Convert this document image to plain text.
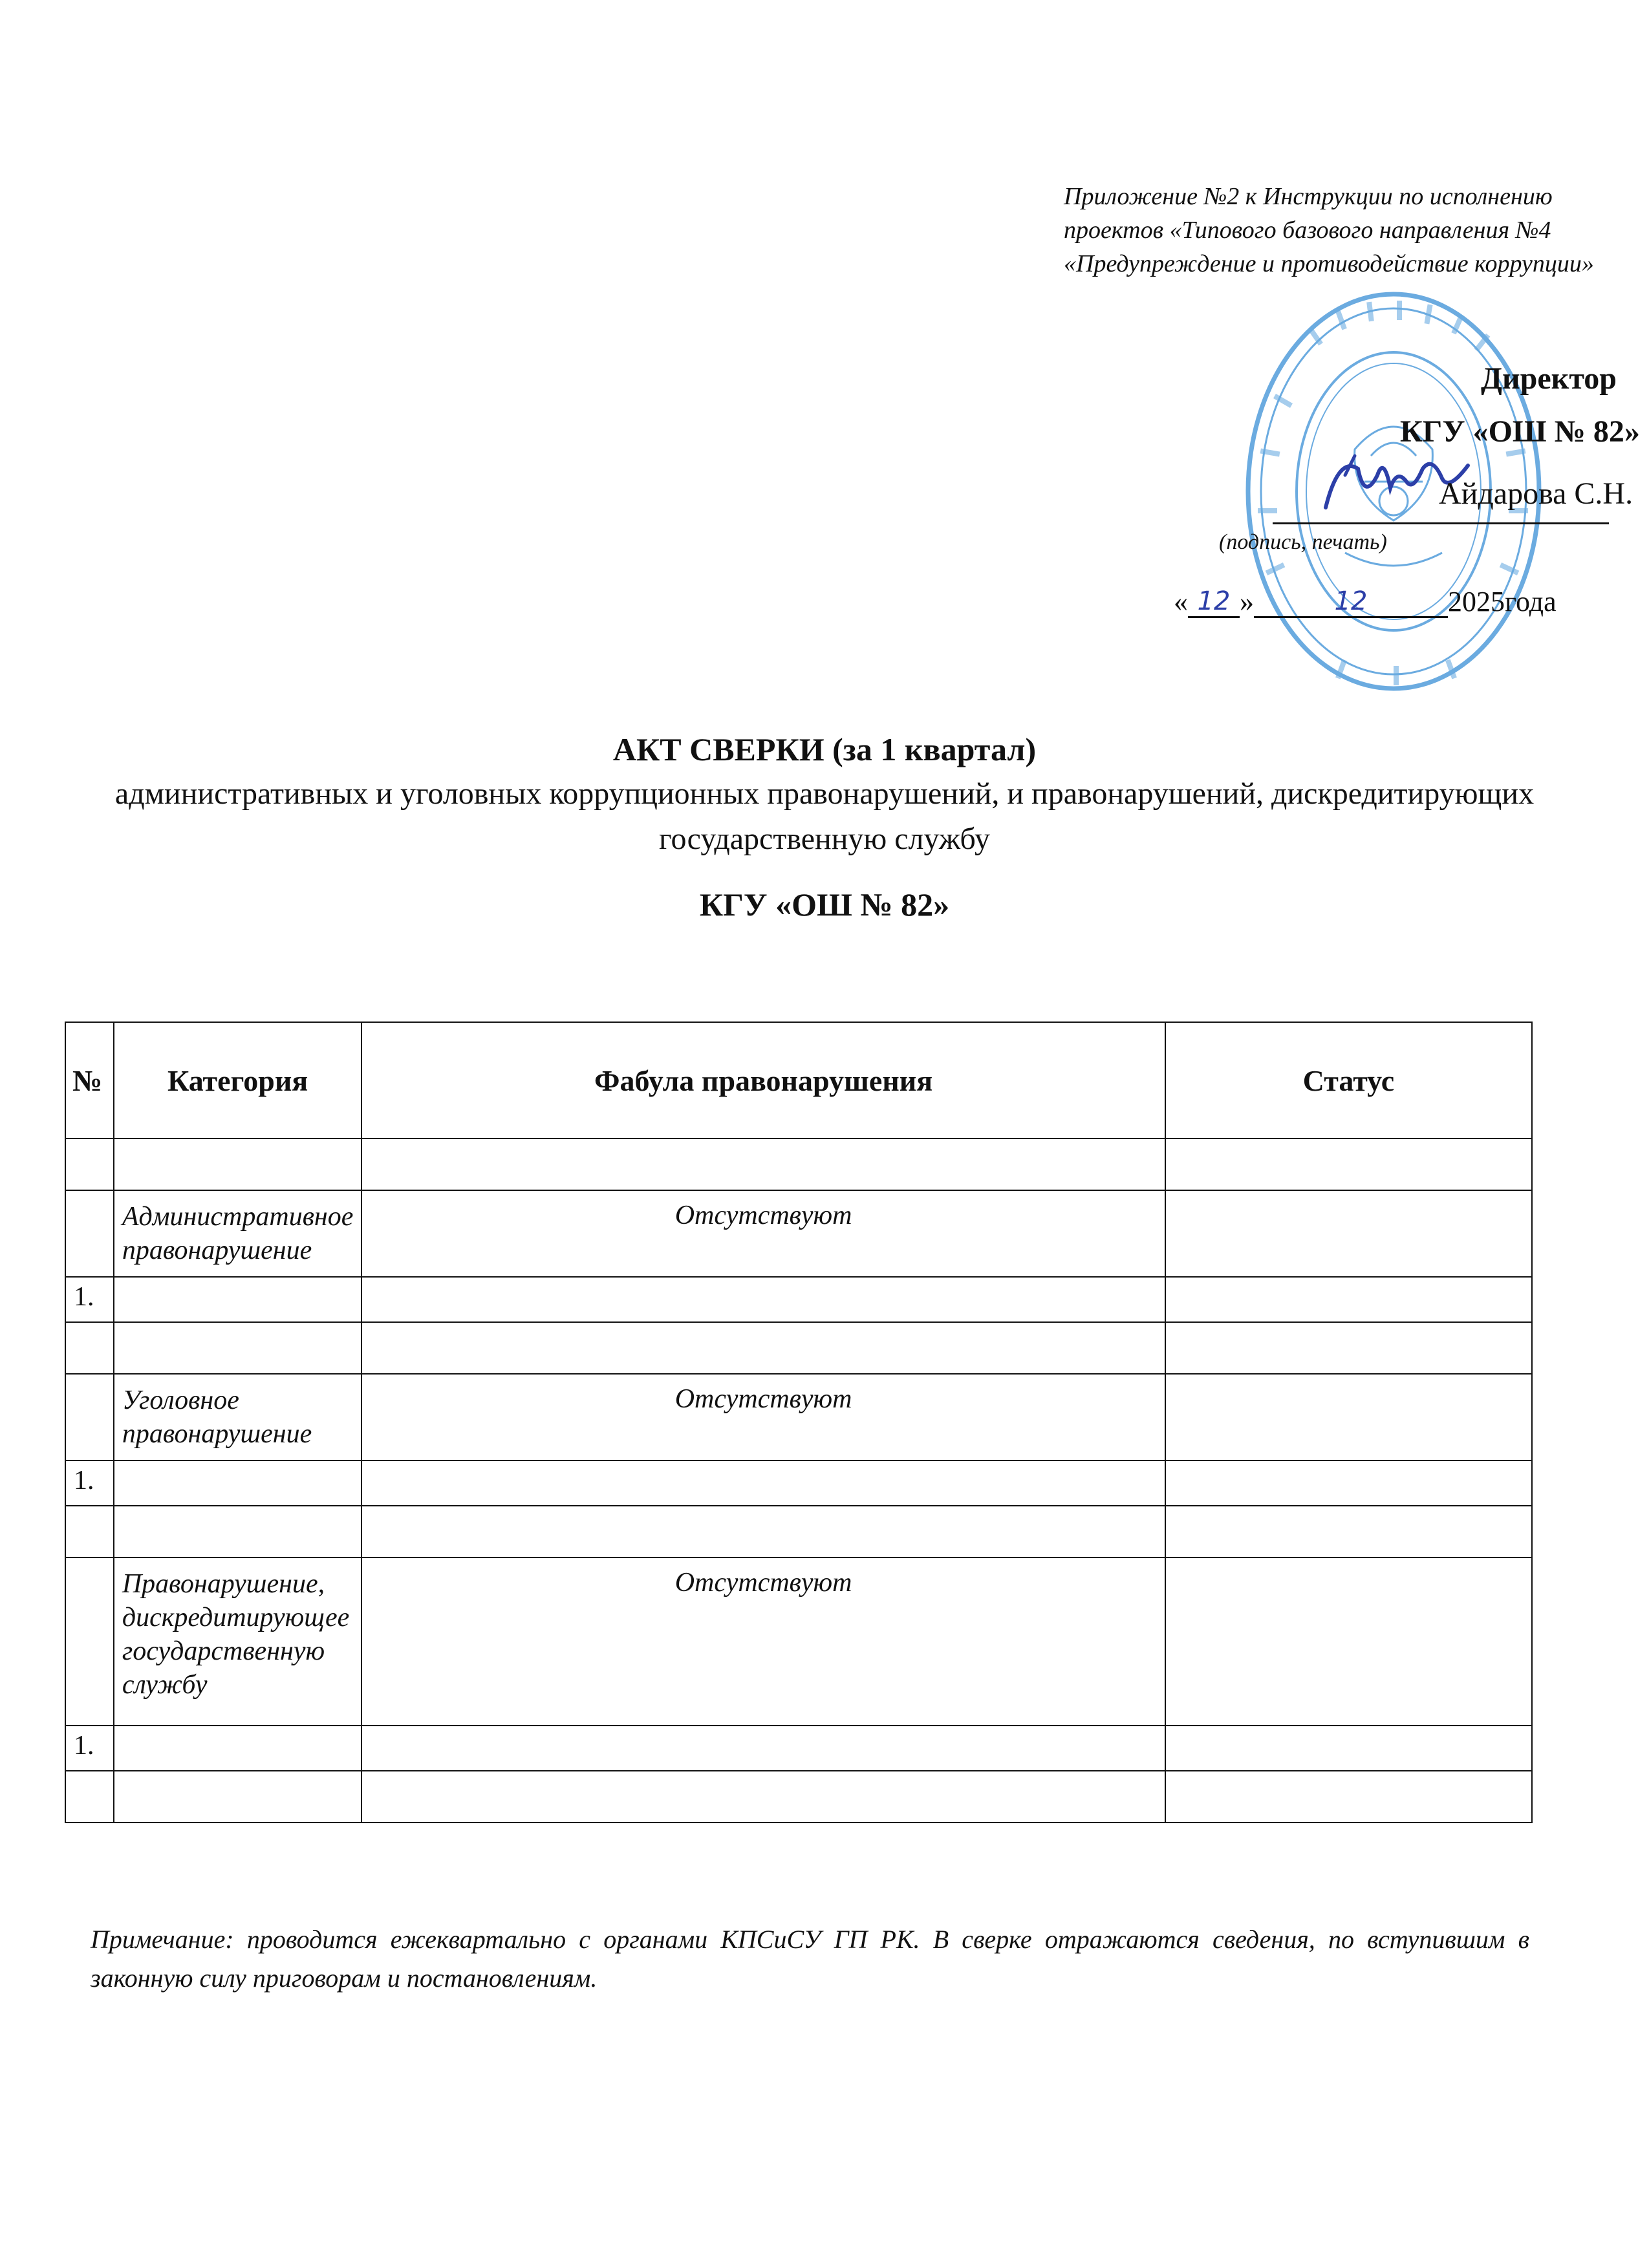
Приложение №2 к Инструкции по исполнению
проектов «Типового базового направления №4
«Предупреждение и противодействие коррупции»
Директор
КГУ «ОШ № 82»
Айдарова С.Н.
(подпись, печать)
« 12 »	12	2025года
АКТ СВЕРКИ (за 1 квартал)
административных и уголовных коррупционных правонарушений, и правонарушений, дискредитирующих
государственную службу
КГУ «ОШ № 82»
№	Категория	Фабула правонарушения	Статус

	Административное правонарушение	Отсутствуют	
1.			

	Уголовное правонарушение	Отсутствуют	
1.			

	Правонарушение, дискредитирующее государственную службу	Отсутствуют	
1.			

Примечание: проводится ежеквартально с органами КПСиСУ ГП РК. В сверке отражаются сведения, по вступившим в законную силу приговорам и постановлениям.
